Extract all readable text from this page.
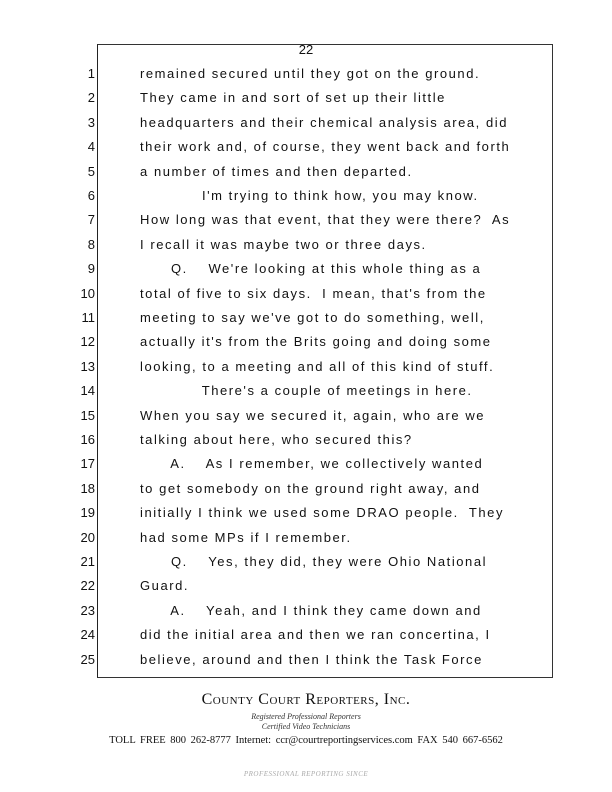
22
1	remained secured until they got on the ground.
2	They came in and sort of set up their little
3	headquarters and their chemical analysis area, did
4	their work and, of course, they went back and forth
5	a number of times and then departed.
6	I'm trying to think how, you may know.
7	How long was that event, that they were there?  As
8	I recall it was maybe two or three days.
9	Q.    We're looking at this whole thing as a
10	total of five to six days.  I mean, that's from the
11	meeting to say we've got to do something, well,
12	actually it's from the Brits going and doing some
13	looking, to a meeting and all of this kind of stuff.
14	There's a couple of meetings in here.
15	When you say we secured it, again, who are we
16	talking about here, who secured this?
17	A.    As I remember, we collectively wanted
18	to get somebody on the ground right away, and
19	initially I think we used some DRAO people.  They
20	had some MPs if I remember.
21	Q.    Yes, they did, they were Ohio National
22	Guard.
23	A.    Yeah, and I think they came down and
24	did the initial area and then we ran concertina, I
25	believe, around and then I think the Task Force
County Court Reporters, Inc.
Registered Professional Reporters
Certified Video Technicians
TOLL FREE 800 262-8777 Internet: ccr@courtreportingservices.com FAX 540 667-6562
PROFESSIONAL REPORTING SINCE
